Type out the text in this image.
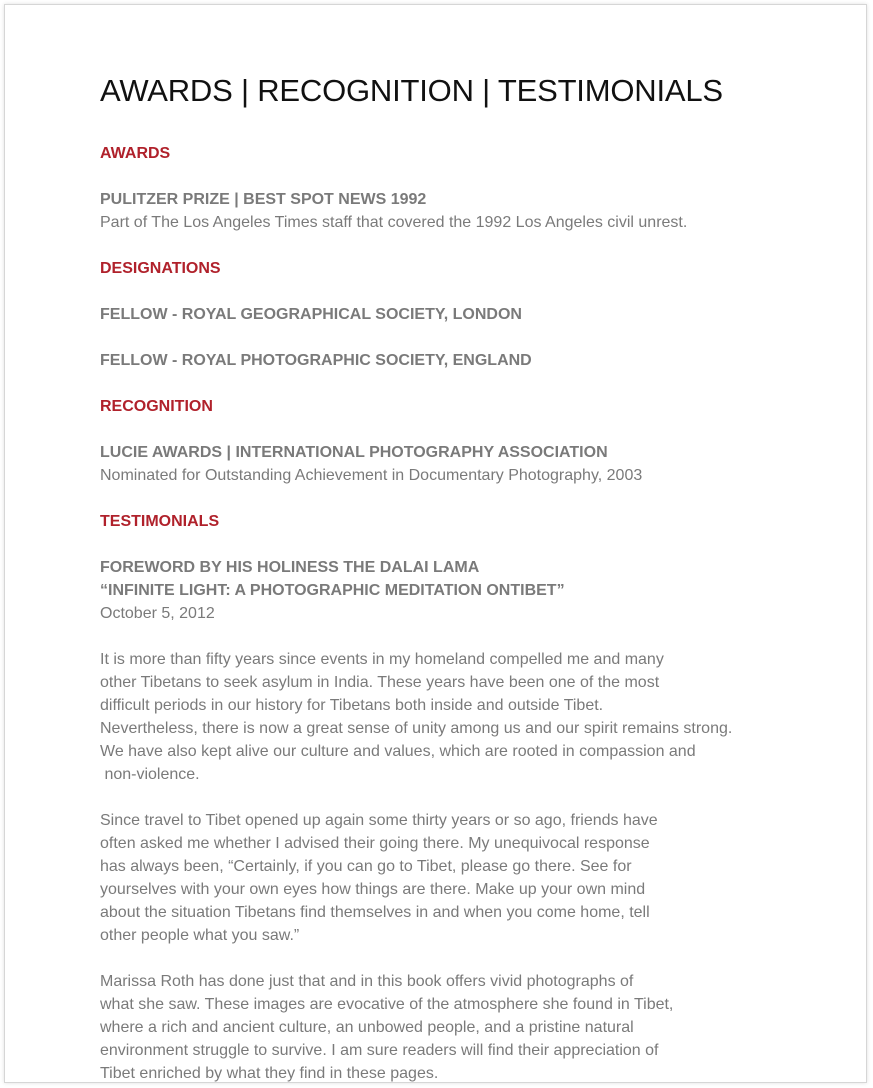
AWARDS | RECOGNITION | TESTIMONIALS
AWARDS

PULITZER PRIZE | BEST SPOT NEWS 1992

Part of The Los Angeles Times staff that covered the 1992 Los Angeles civil unrest.

DESIGNATIONS

FELLOW - ROYAL GEOGRAPHICAL SOCIETY, LONDON

FELLOW - ROYAL PHOTOGRAPHIC SOCIETY, ENGLAND

RECOGNITION

LUCIE AWARDS | INTERNATIONAL PHOTOGRAPHY ASSOCIATION

Nominated for Outstanding Achievement in Documentary Photography, 2003

TESTIMONIALS

FOREWORD BY HIS HOLINESS THE DALAI LAMA

“INFINITE LIGHT: A PHOTOGRAPHIC MEDITATION ONTIBET”

October 5, 2012

It is more than fifty years since events in my homeland compelled me and many
other Tibetans to seek asylum in India. These years have been one of the most
difficult periods in our history for Tibetans both inside and outside Tibet.
Nevertheless, there is now a great sense of unity among us and our spirit remains strong.
We have also kept alive our culture and values, which are rooted in compassion and
non-violence.

Since travel to Tibet opened up again some thirty years or so ago, friends have
often asked me whether I advised their going there. My unequivocal response
has always been, “Certainly, if you can go to Tibet, please go there. See for
yourselves with your own eyes how things are there. Make up your own mind
about the situation Tibetans find themselves in and when you come home, tell
other people what you saw.”

Marissa Roth has done just that and in this book offers vivid photographs of
what she saw. These images are evocative of the atmosphere she found in Tibet,
where a rich and ancient culture, an unbowed people, and a pristine natural
environment struggle to survive. I am sure readers will find their appreciation of
Tibet enriched by what they find in these pages.
